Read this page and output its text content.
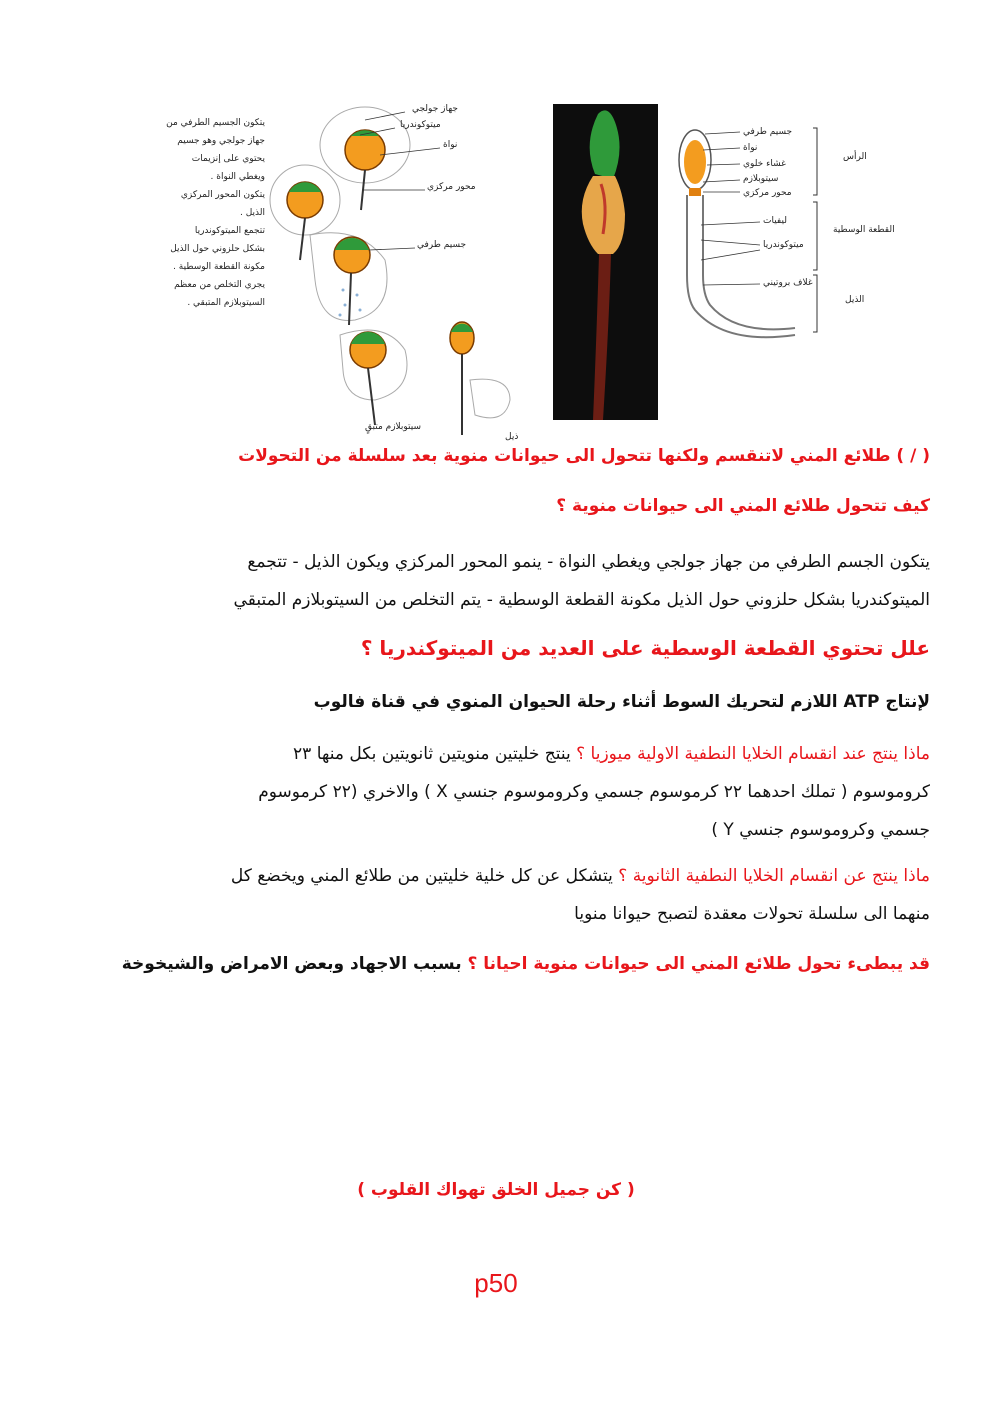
يتكون الجسيم الطرفي من
جهاز جولجي وهو جسيم
يحتوي على إنزيمات
ويغطي النواة .
يتكون المحور المركزي
الذيل .
تتجمع الميتوكوندريا
بشكل حلزوني حول الذيل
مكونة القطعة الوسطية .
يجري التخلص من معظم
السيتوبلازم المتبقي .
جهاز جولجي
ميتوكوندريا
نواة
محور مركزي
جسيم طرفي
سيتوبلازم متبقٍ
ذيل
جسيم طرفي
نواة
غشاء خلوي
سيتوبلازم
محور مركزي
ليفيات
ميتوكوندريا
غلاف بروتيني
الرأس
القطعة الوسطية
الذيل
( / ) طلائع المني لاتنقسم ولكنها تتحول الى حيوانات منوية بعد سلسلة من التحولات
كيف تتحول طلائع المني الى حيوانات منوية ؟
يتكون الجسم الطرفي من جهاز جولجي ويغطي النواة - ينمو المحور المركزي ويكون الذيل - تتجمع
الميتوكندريا بشكل حلزوني حول الذيل مكونة القطعة الوسطية - يتم التخلص من السيتوبلازم المتبقي
علل تحتوي القطعة الوسطية على العديد من الميتوكندريا ؟
لإنتاج ATP اللازم لتحريك السوط أثناء رحلة الحيوان المنوي في قناة فالوب
ماذا ينتج عند انقسام الخلايا النطفية الاولية ميوزيا ؟ ينتج خليتين منويتين ثانويتين بكل منها ٢٣
كروموسوم ( تملك احدهما ٢٢ كرموسوم جسمي وكروموسوم جنسي X ) والاخري (٢٢ كرموسوم
جسمي وكروموسوم جنسي Y )
ماذا ينتج عن انقسام الخلايا النطفية الثانوية ؟ يتشكل عن كل خلية خليتين من طلائع المني ويخضع كل
منهما الى سلسلة تحولات معقدة لتصبح حيوانا منويا
قد يبطىء تحول طلائع المني الى حيوانات منوية احيانا ؟ بسبب الاجهاد وبعض الامراض والشيخوخة
( كن جميل الخلق تهواك القلوب )
p50
